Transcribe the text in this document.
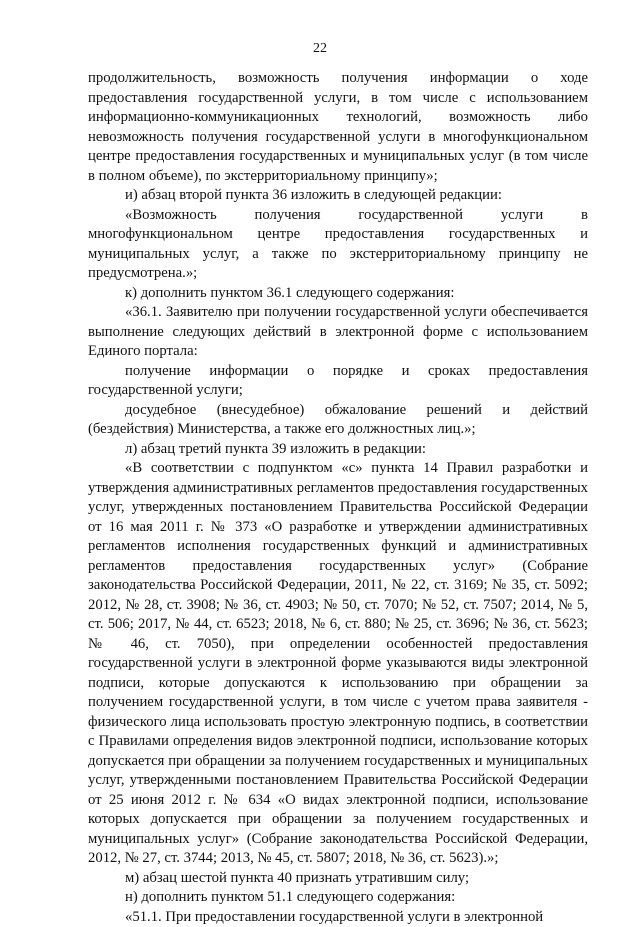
22

продолжительность, возможность получения информации о ходе предоставления государственной услуги, в том числе с использованием информационно-коммуникационных технологий, возможность либо невозможность получения государственной услуги в многофункциональном центре предоставления государственных и муниципальных услуг (в том числе в полном объеме), по экстерриториальному принципу»;

и) абзац второй пункта 36 изложить в следующей редакции:

«Возможность получения государственной услуги в многофункциональном центре предоставления государственных и муниципальных услуг, а также по экстерриториальному принципу не предусмотрена.»;

к) дополнить пунктом 36.1 следующего содержания:

«36.1. Заявителю при получении государственной услуги обеспечивается выполнение следующих действий в электронной форме с использованием Единого портала:

получение информации о порядке и сроках предоставления государственной услуги;

досудебное (внесудебное) обжалование решений и действий (бездействия) Министерства, а также его должностных лиц.»;

л) абзац третий пункта 39 изложить в редакции:

«В соответствии с подпунктом «с» пункта 14 Правил разработки и утверждения административных регламентов предоставления государственных услуг, утвержденных постановлением Правительства Российской Федерации от 16 мая 2011 г. № 373 «О разработке и утверждении административных регламентов исполнения государственных функций и административных регламентов предоставления государственных услуг» (Собрание законодательства Российской Федерации, 2011, № 22, ст. 3169; № 35, ст. 5092; 2012, № 28, ст. 3908; № 36, ст. 4903; № 50, ст. 7070; № 52, ст. 7507; 2014, № 5, ст. 506; 2017, № 44, ст. 6523; 2018, № 6, ст. 880; № 25, ст. 3696; № 36, ст. 5623; № 46, ст. 7050), при определении особенностей предоставления государственной услуги в электронной форме указываются виды электронной подписи, которые допускаются к использованию при обращении за получением государственной услуги, в том числе с учетом права заявителя - физического лица использовать простую электронную подпись, в соответствии с Правилами определения видов электронной подписи, использование которых допускается при обращении за получением государственных и муниципальных услуг, утвержденными постановлением Правительства Российской Федерации от 25 июня 2012 г. № 634 «О видах электронной подписи, использование которых допускается при обращении за получением государственных и муниципальных услуг» (Собрание законодательства Российской Федерации, 2012, № 27, ст. 3744; 2013, № 45, ст. 5807; 2018, № 36, ст. 5623).»;

м) абзац шестой пункта 40 признать утратившим силу;

н) дополнить пунктом 51.1 следующего содержания:

«51.1. При предоставлении государственной услуги в электронной
